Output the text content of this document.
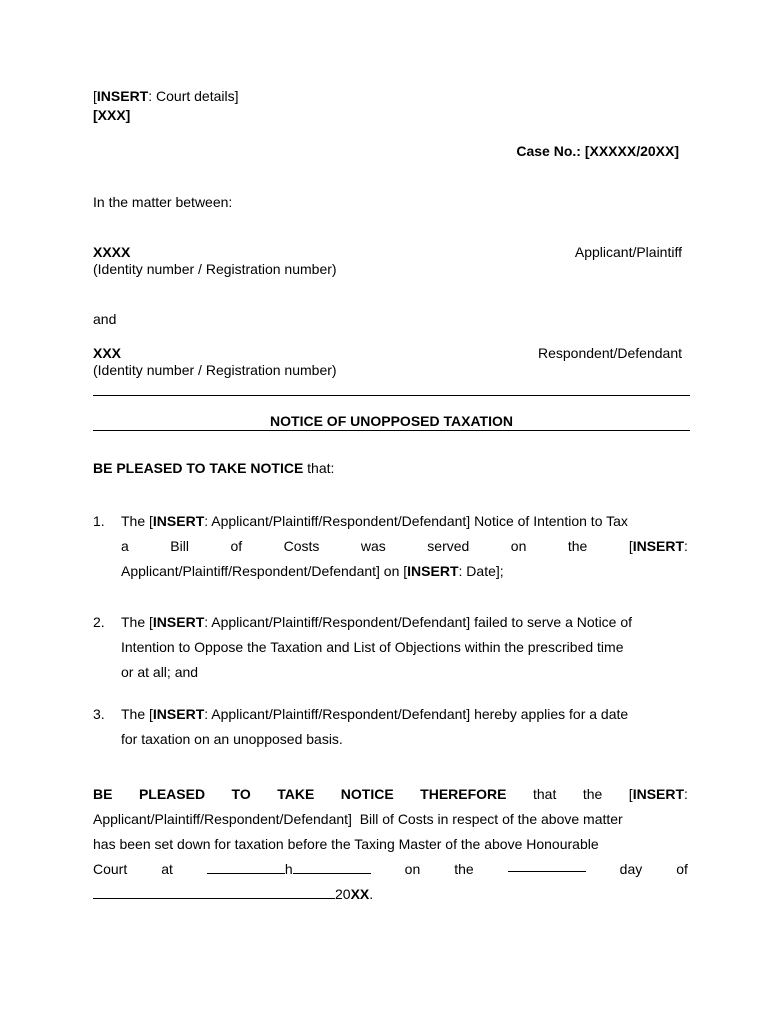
[INSERT: Court details]
[XXX]
Case No.: [XXXXX/20XX]
In the matter between:
XXXX	Applicant/Plaintiff
(Identity number / Registration number)
and
XXX	Respondent/Defendant
(Identity number / Registration number)
NOTICE OF UNOPPOSED TAXATION
BE PLEASED TO TAKE NOTICE that:
1. The [INSERT: Applicant/Plaintiff/Respondent/Defendant] Notice of Intention to Tax
a	Bill	of	Costs	was	served	on	the	[INSERT:
Applicant/Plaintiff/Respondent/Defendant] on [INSERT: Date];
2. The [INSERT: Applicant/Plaintiff/Respondent/Defendant] failed to serve a Notice of
Intention to Oppose the Taxation and List of Objections within the prescribed time
or at all; and
3. The [INSERT: Applicant/Plaintiff/Respondent/Defendant] hereby applies for a date
for taxation on an unopposed basis.
BE PLEASED TO TAKE NOTICE THEREFORE that the [INSERT:
Applicant/Plaintiff/Respondent/Defendant]  Bill of Costs in respect of the above matter
has been set down for taxation before the Taxing Master of the above Honourable
Court at	h	on the	day of
20XX.
